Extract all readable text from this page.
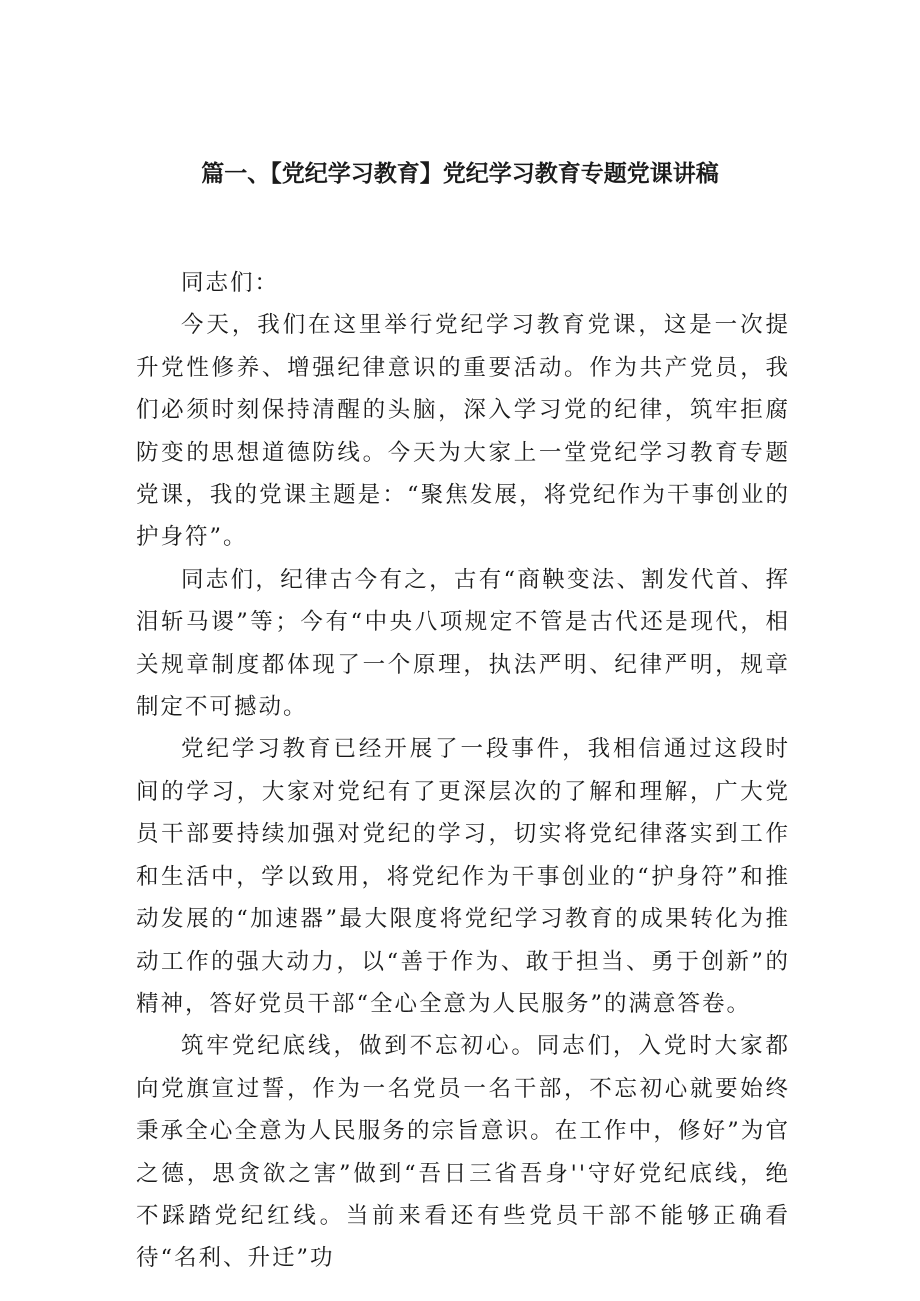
篇一、【党纪学习教育】党纪学习教育专题党课讲稿

同志们：

今天，我们在这里举行党纪学习教育党课，这是一次提升党性修养、增强纪律意识的重要活动。作为共产党员，我们必须时刻保持清醒的头脑，深入学习党的纪律，筑牢拒腐防变的思想道德防线。今天为大家上一堂党纪学习教育专题党课，我的党课主题是：“聚焦发展，将党纪作为干事创业的护身符”。

同志们，纪律古今有之，古有“商鞅变法、割发代首、挥泪斩马谡”等；今有“中央八项规定不管是古代还是现代，相关规章制度都体现了一个原理，执法严明、纪律严明，规章制定不可撼动。

党纪学习教育已经开展了一段事件，我相信通过这段时间的学习，大家对党纪有了更深层次的了解和理解，广大党员干部要持续加强对党纪的学习，切实将党纪律落实到工作和生活中，学以致用，将党纪作为干事创业的“护身符”和推动发展的“加速器”最大限度将党纪学习教育的成果转化为推动工作的强大动力，以“善于作为、敢于担当、勇于创新”的精神，答好党员干部“全心全意为人民服务”的满意答卷。

筑牢党纪底线，做到不忘初心。同志们，入党时大家都向党旗宣过誓，作为一名党员一名干部，不忘初心就要始终秉承全心全意为人民服务的宗旨意识。在工作中，修好”为官之德，思贪欲之害”做到“吾日三省吾身''守好党纪底线，绝不踩踏党纪红线。当前来看还有些党员干部不能够正确看待“名利、升迁”功
